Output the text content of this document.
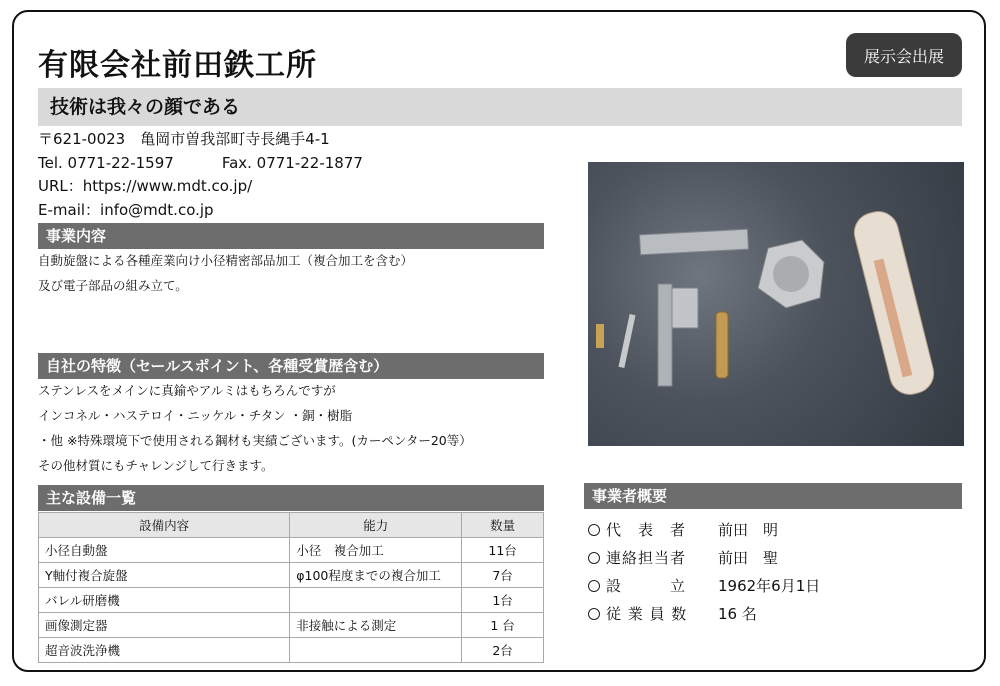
有限会社前田鉄工所	展示会出展
技術は我々の顔である
〒621-0023　亀岡市曽我部町寺長縄手4-1
Tel. 0771-22-1597	Fax. 0771-22-1877
URL：https://www.mdt.co.jp/
E-mail：info@mdt.co.jp
事業内容
自動旋盤による各種産業向け小径精密部品加工（複合加工を含む）
及び電子部品の組み立て。
自社の特徴（セールスポイント、各種受賞歴含む）
ステンレスをメインに真鍮やアルミはもちろんですが
インコネル・ハステロイ・ニッケル・チタン ・銅・樹脂
・他 ※特殊環境下で使用される鋼材も実績ございます。(カーペンター20等）
その他材質にもチャレンジして行きます。
主な設備一覧
設備内容	能力	数量
小径自動盤	小径　複合加工	11台
Y軸付複合旋盤	φ100程度までの複合加工	7台
バレル研磨機		1台
画像測定器	非接触による測定	1 台
超音波洗浄機		2台
事業者概要
代　表　者	前田　明
連絡担当者	前田　聖
設　　　立	1962年6月1日
従 業 員 数	16 名
